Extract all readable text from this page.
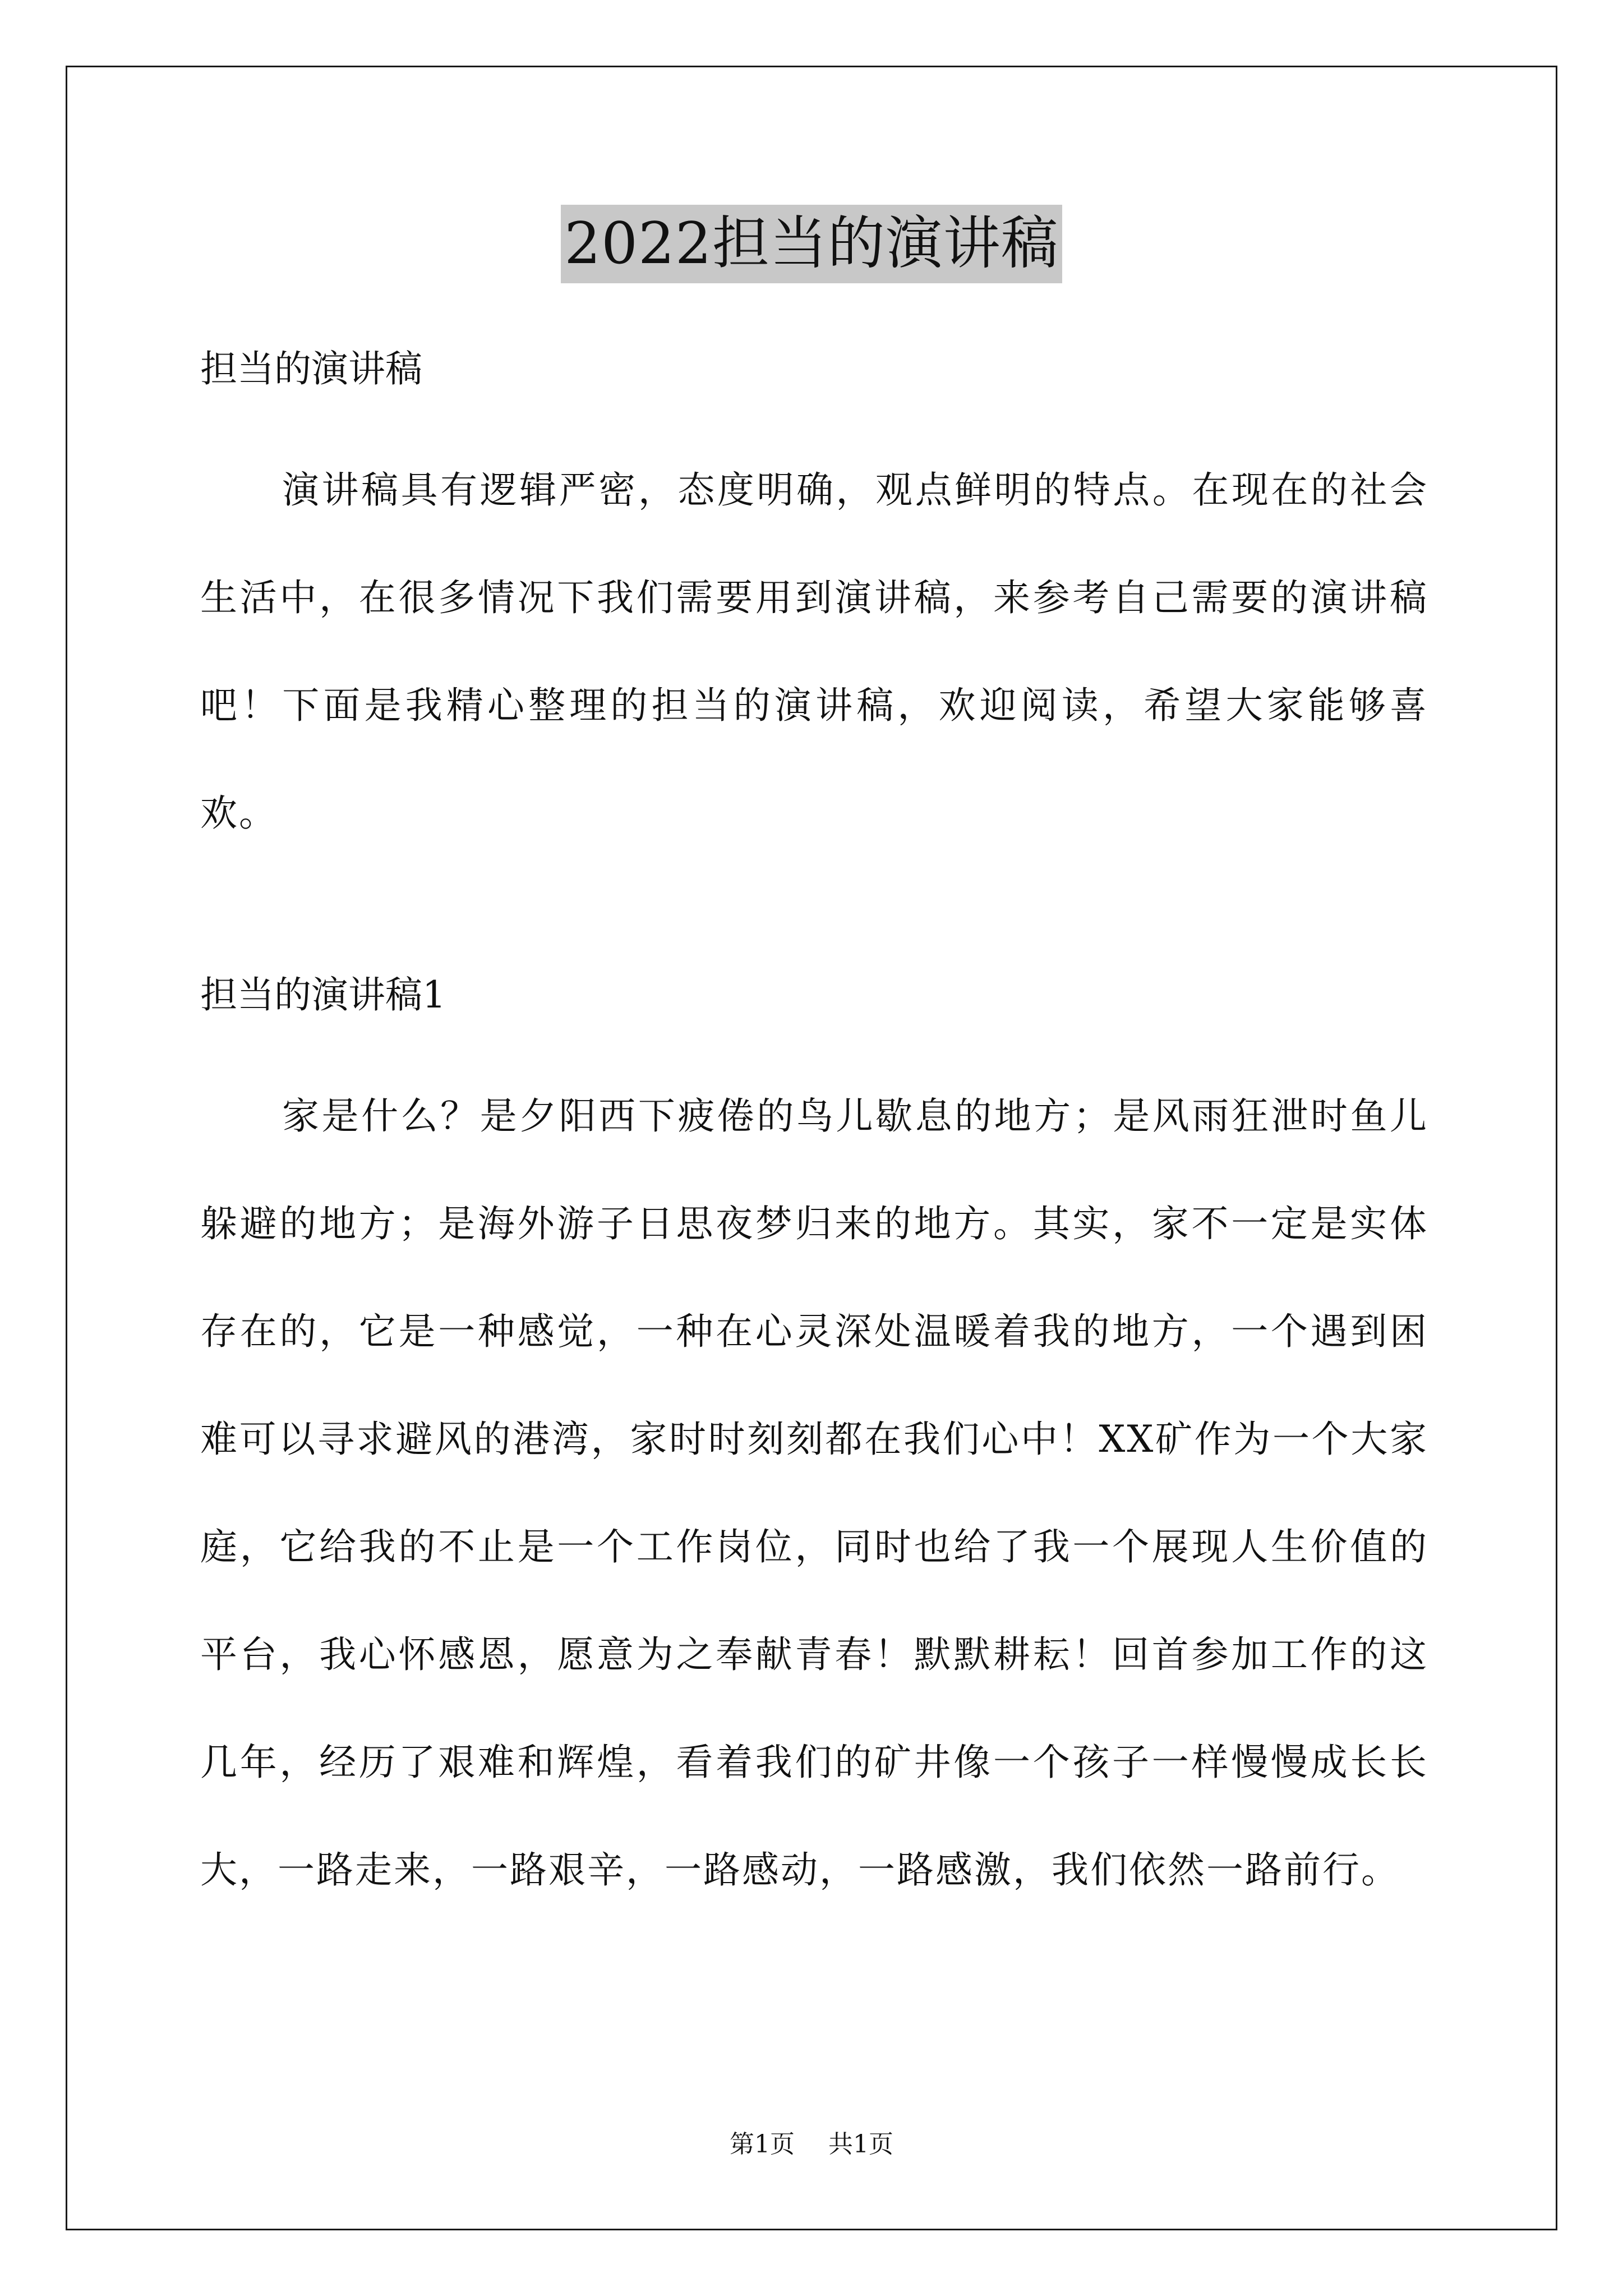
2022担当的演讲稿

担当的演讲稿

演讲稿具有逻辑严密，态度明确，观点鲜明的特点。在现在的社会生活中，在很多情况下我们需要用到演讲稿，来参考自己需要的演讲稿吧！下面是我精心整理的担当的演讲稿，欢迎阅读，希望大家能够喜欢。

担当的演讲稿1

家是什么？是夕阳西下疲倦的鸟儿歇息的地方；是风雨狂泄时鱼儿躲避的地方；是海外游子日思夜梦归来的地方。其实，家不一定是实体存在的，它是一种感觉，一种在心灵深处温暖着我的地方，一个遇到困难可以寻求避风的港湾，家时时刻刻都在我们心中！XX矿作为一个大家庭，它给我的不止是一个工作岗位，同时也给了我一个展现人生价值的平台，我心怀感恩，愿意为之奉献青春！默默耕耘！回首参加工作的这几年，经历了艰难和辉煌，看着我们的矿井像一个孩子一样慢慢成长长大，一路走来，一路艰辛，一路感动，一路感激，我们依然一路前行。

第1页 共1页
